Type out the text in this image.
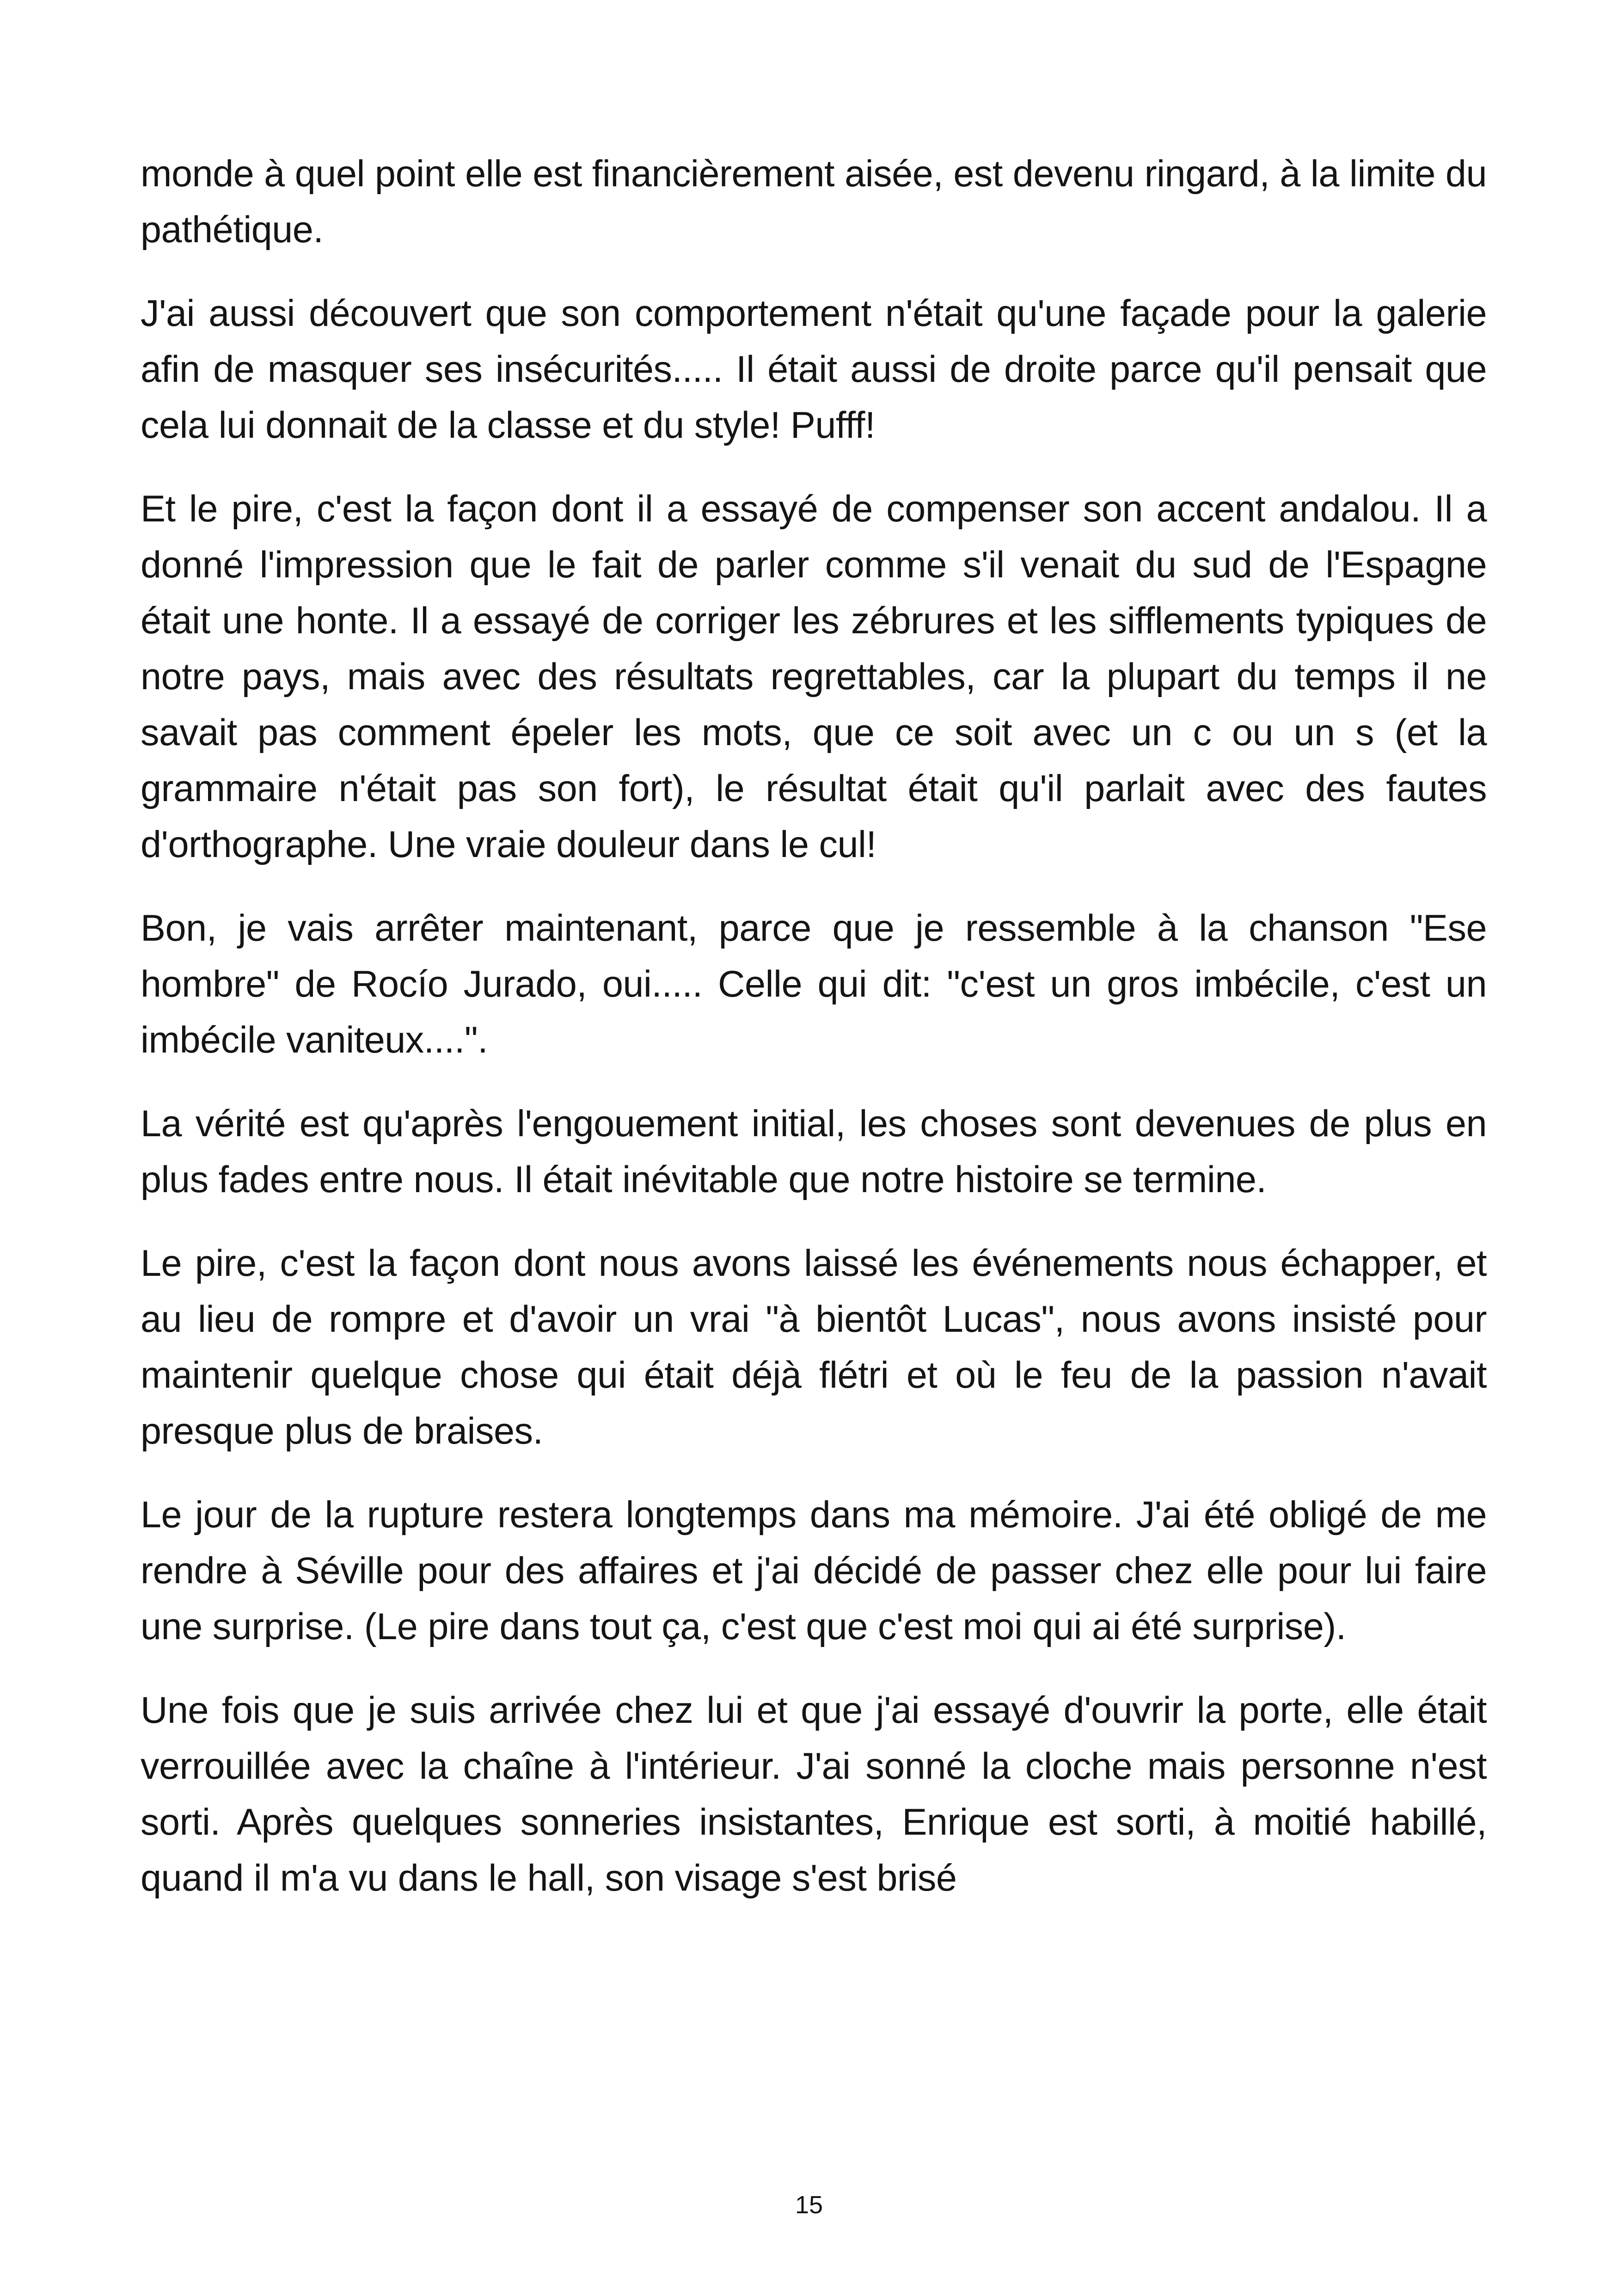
monde à quel point elle est financièrement aisée, est devenu ringard, à la limite du pathétique.

J'ai aussi découvert que son comportement n'était qu'une façade pour la galerie afin de masquer ses insécurités..... Il était aussi de droite parce qu'il pensait que cela lui donnait de la classe et du style! Pufff!

Et le pire, c'est la façon dont il a essayé de compenser son accent andalou. Il a donné l'impression que le fait de parler comme s'il venait du sud de l'Espagne était une honte. Il a essayé de corriger les zébrures et les sifflements typiques de notre pays, mais avec des résultats regrettables, car la plupart du temps il ne savait pas comment épeler les mots, que ce soit avec un c ou un s (et la grammaire n'était pas son fort), le résultat était qu'il parlait avec des fautes d'orthographe. Une vraie douleur dans le cul!

Bon, je vais arrêter maintenant, parce que je ressemble à la chanson "Ese hombre" de Rocío Jurado, oui..... Celle qui dit: "c'est un gros imbécile, c'est un imbécile vaniteux....".

La vérité est qu'après l'engouement initial, les choses sont devenues de plus en plus fades entre nous. Il était inévitable que notre histoire se termine.

Le pire, c'est la façon dont nous avons laissé les événements nous échapper, et au lieu de rompre et d'avoir un vrai "à bientôt Lucas", nous avons insisté pour maintenir quelque chose qui était déjà flétri et où le feu de la passion n'avait presque plus de braises.

Le jour de la rupture restera longtemps dans ma mémoire. J'ai été obligé de me rendre à Séville pour des affaires et j'ai décidé de passer chez elle pour lui faire une surprise. (Le pire dans tout ça, c'est que c'est moi qui ai été surprise).

Une fois que je suis arrivée chez lui et que j'ai essayé d'ouvrir la porte, elle était verrouillée avec la chaîne à l'intérieur. J'ai sonné la cloche mais personne n'est sorti. Après quelques sonneries insistantes, Enrique est sorti, à moitié habillé, quand il m'a vu dans le hall, son visage s'est brisé

15
